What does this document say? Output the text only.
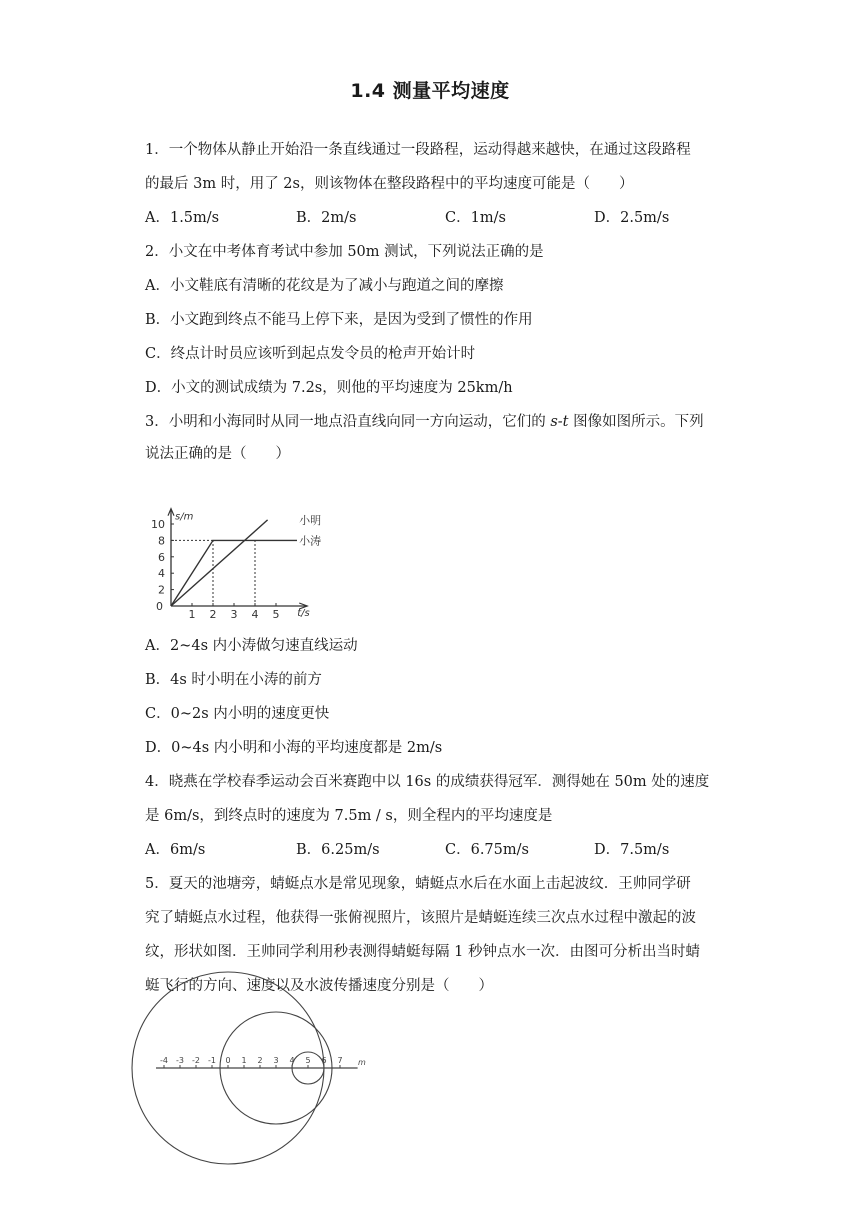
1.4 测量平均速度
1．一个物体从静止开始沿一条直线通过一段路程，运动得越来越快，在通过这段路程
的最后 3m 时，用了 2s，则该物体在整段路程中的平均速度可能是（　　）
A．1.5m/s	B．2m/s	C．1m/s	D．2.5m/s
2．小文在中考体育考试中参加 50m 测试，下列说法正确的是
A．小文鞋底有清晰的花纹是为了减小与跑道之间的摩擦
B．小文跑到终点不能马上停下来，是因为受到了惯性的作用
C．终点计时员应该听到起点发令员的枪声开始计时
D．小文的测试成绩为 7.2s，则他的平均速度为 25km/h
3．小明和小海同时从同一地点沿直线向同一方向运动，它们的 s-t 图像如图所示。下列
说法正确的是（　　）
1 2 3 4 5
2
4
6
8
10
0
s/m
t/s
小明
小涛
A．2~4s 内小涛做匀速直线运动
B．4s 时小明在小涛的前方
C．0~2s 内小明的速度更快
D．0~4s 内小明和小海的平均速度都是 2m/s
4．晓燕在学校春季运动会百米赛跑中以 16s 的成绩获得冠军．测得她在 50m 处的速度
是 6m/s，到终点时的速度为 7.5m / s，则全程内的平均速度是
A．6m/s	B．6.25m/s	C．6.75m/s	D．7.5m/s
5．夏天的池塘旁，蜻蜓点水是常见现象，蜻蜓点水后在水面上击起波纹．王帅同学研
究了蜻蜓点水过程，他获得一张俯视照片，该照片是蜻蜓连续三次点水过程中激起的波
纹，形状如图．王帅同学利用秒表测得蜻蜓每隔 1 秒钟点水一次．由图可分析出当时蜻
蜓飞行的方向、速度以及水波传播速度分别是（　　）
-4 -3 -2 -1 0 1 2 3 4 5 6 7 m
